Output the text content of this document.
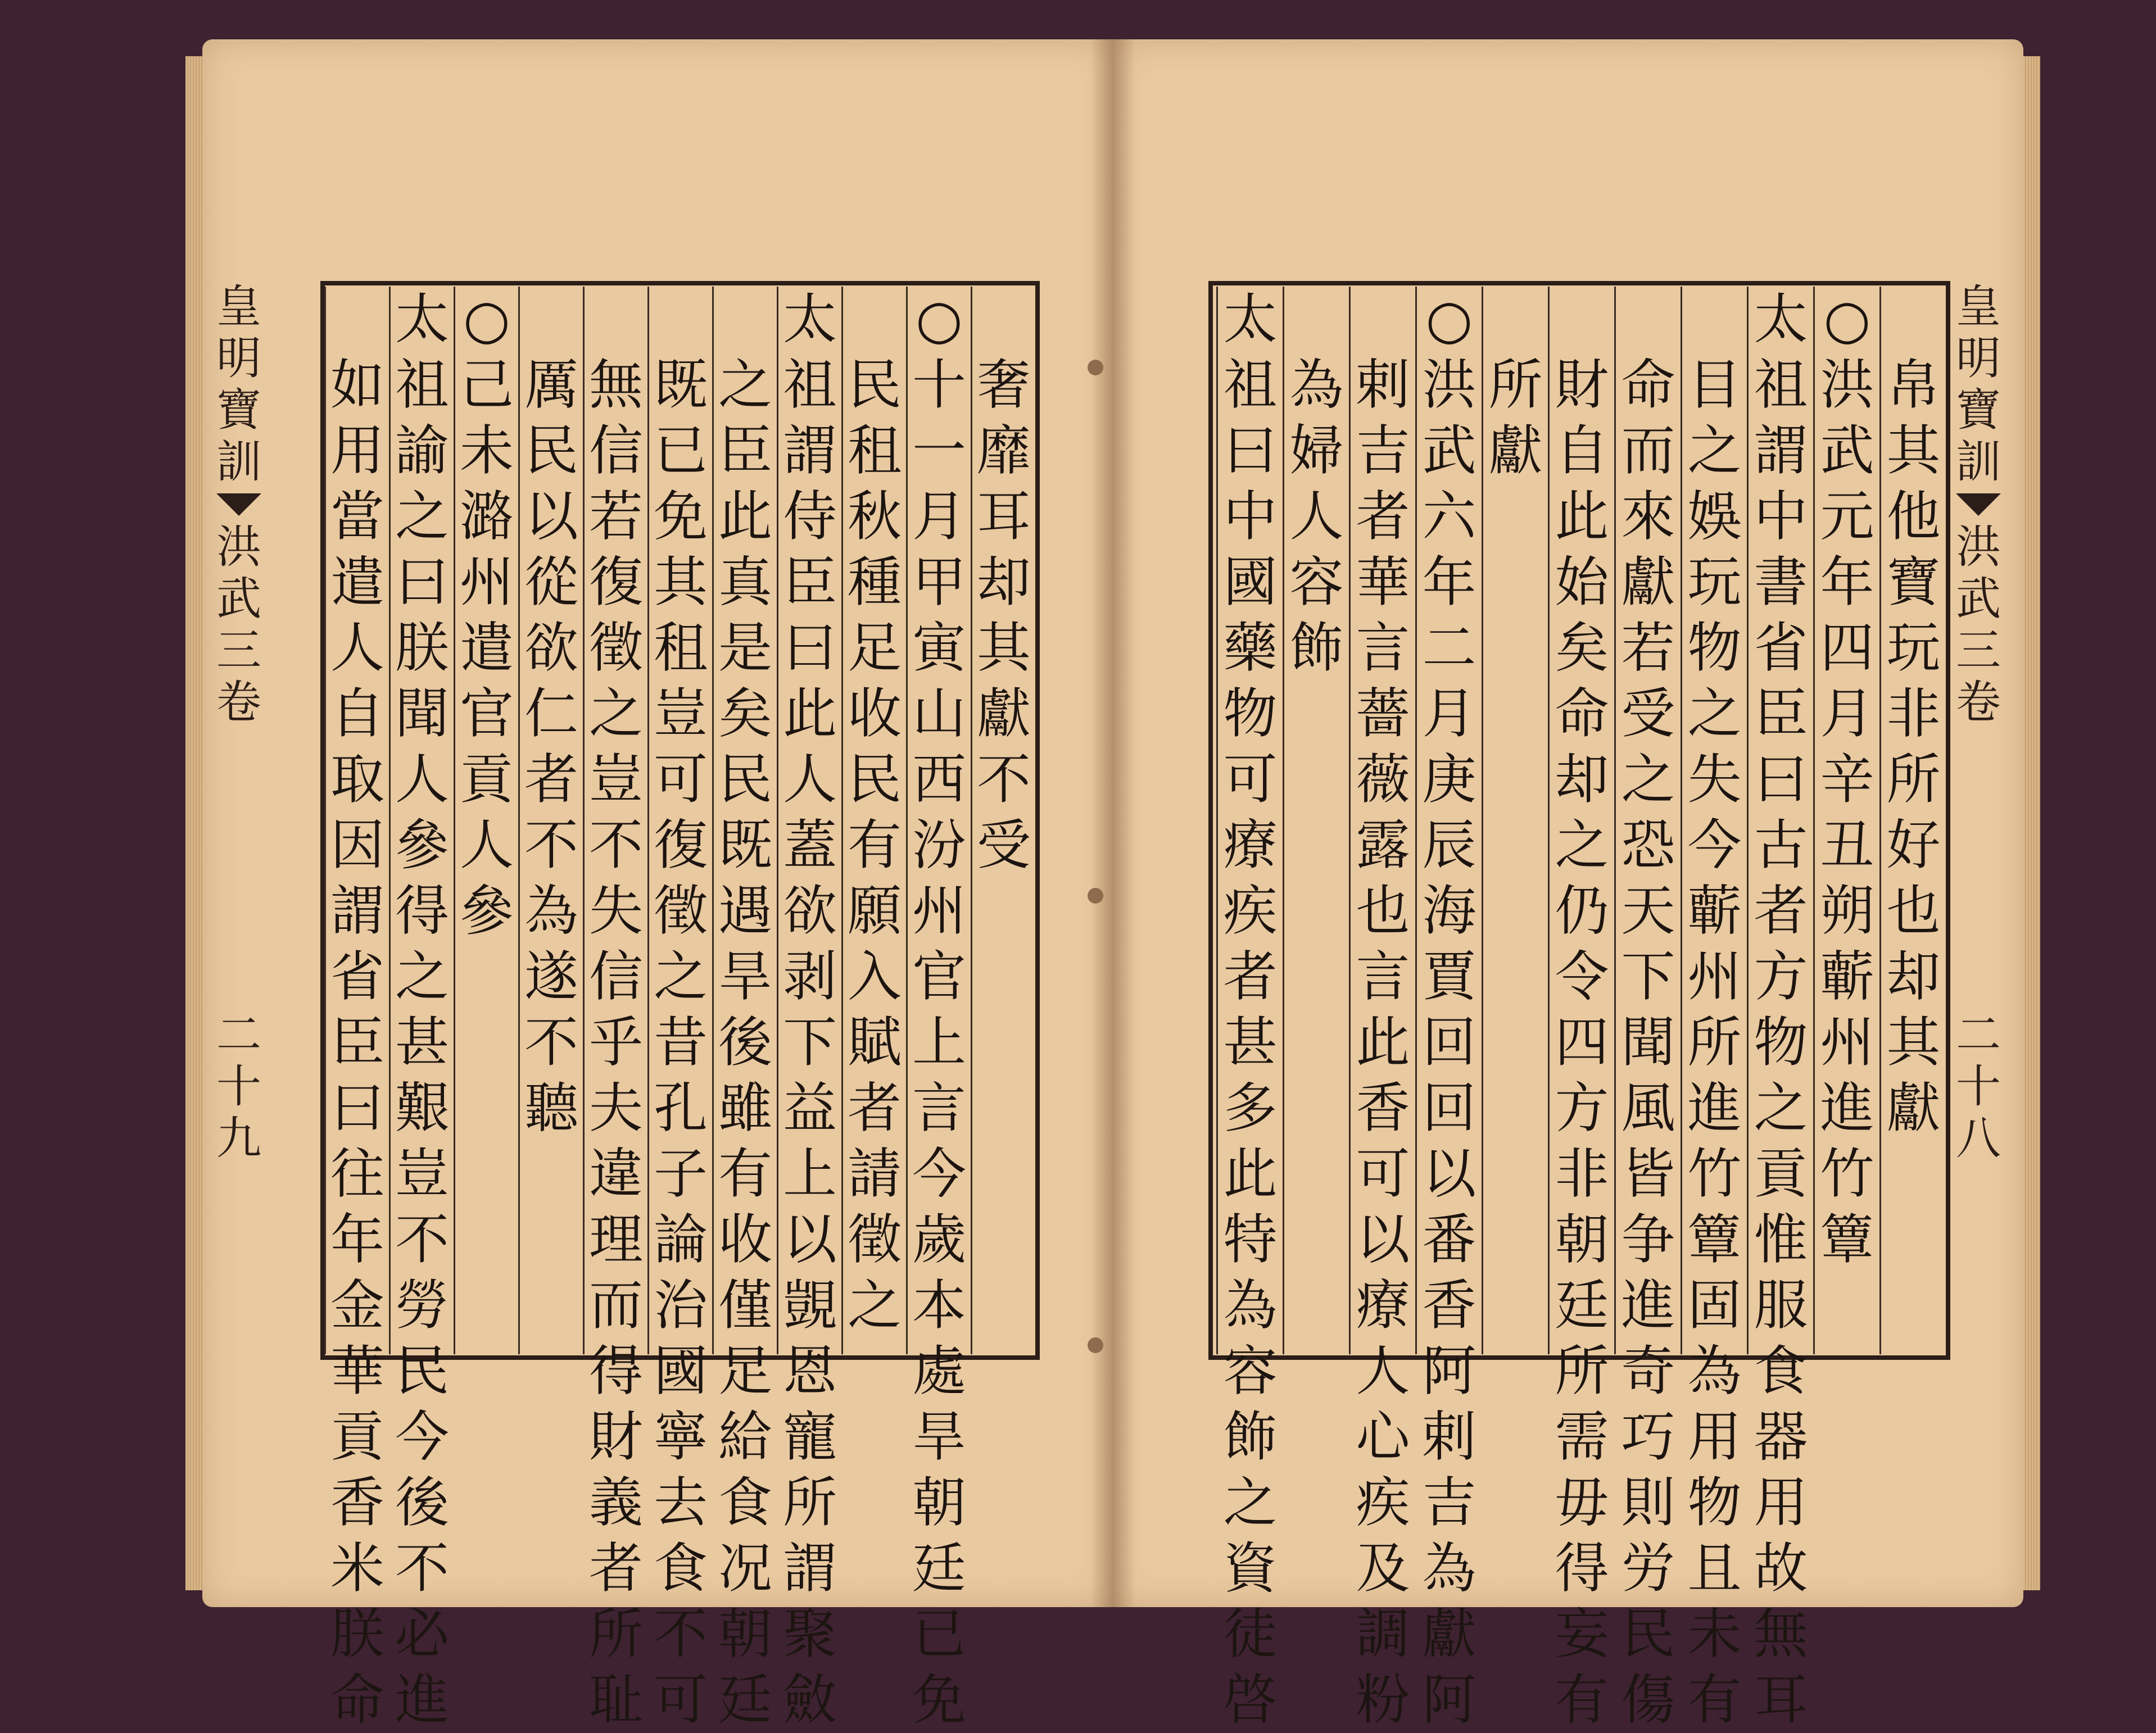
皇
明
寶
訓
洪
武
三
卷
二
十
九
皇
明
寶
訓
洪
武
三
卷
二
十
八
帛
其
他
寶
玩
非
所
好
也
却
其
獻
○
洪
武
元
年
四
月
辛
丑
朔
蘄
州
進
竹
簟
太
祖
謂
中
書
省
臣
曰
古
者
方
物
之
貢
惟
服
食
器
用
故
無
耳
目
之
娛
玩
物
之
失
今
蘄
州
所
進
竹
簟
固
為
用
物
且
未
有
命
而
來
獻
若
受
之
恐
天
下
聞
風
皆
争
進
奇
巧
則
労
民
傷
財
自
此
始
矣
命
却
之
仍
令
四
方
非
朝
廷
所
需
毋
得
妄
有
所
獻
○
洪
武
六
年
二
月
庚
辰
海
賈
回
回
以
番
香
阿
剌
吉
為
獻
阿
剌
吉
者
華
言
薔
薇
露
也
言
此
香
可
以
療
人
心
疾
及
調
粉
為
婦
人
容
飾
太
祖
曰
中
國
藥
物
可
療
疾
者
甚
多
此
特
為
容
飾
之
資
徒
啓
奢
靡
耳
却
其
獻
不
受
○
十
一
月
甲
寅
山
西
汾
州
官
上
言
今
歲
本
處
旱
朝
廷
已
免
民
租
秋
種
足
收
民
有
願
入
賦
者
請
徵
之
太
祖
謂
侍
臣
曰
此
人
蓋
欲
剥
下
益
上
以
覬
恩
寵
所
謂
聚
斂
之
臣
此
真
是
矣
民
既
遇
旱
後
雖
有
收
僅
足
給
食
况
朝
廷
既
已
免
其
租
豈
可
復
徵
之
昔
孔
子
論
治
國
寧
去
食
不
可
無
信
若
復
徵
之
豈
不
失
信
乎
夫
違
理
而
得
財
義
者
所
耻
厲
民
以
從
欲
仁
者
不
為
遂
不
聽
○
己
未
潞
州
遣
官
貢
人
參
太
祖
諭
之
曰
朕
聞
人
參
得
之
甚
艱
豈
不
勞
民
今
後
不
必
進
如
用
當
遣
人
自
取
因
謂
省
臣
曰
往
年
金
華
貢
香
米
朕
命
